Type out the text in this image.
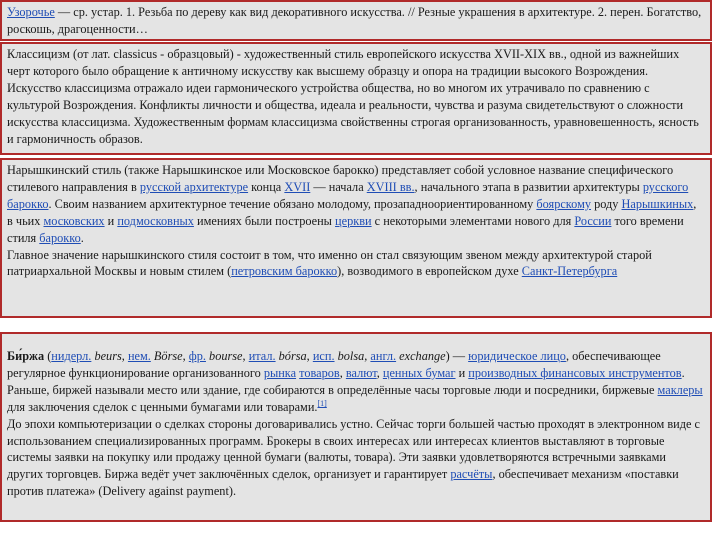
Узорочье — ср. устар. 1. Резьба по дереву как вид декоративного искусства. // Резные украшения в архитектуре. 2. перен. Богатство, роскошь, драгоценности…
Классицизм (от лат. classicus - образцовый) - художественный стиль европейского искусства XVII-XIX вв., одной из важнейших черт которого было обращение к античному искусству как высшему образцу и опора на традиции высокого Возрождения. Искусство классицизма отражало идеи гармонического устройства общества, но во многом их утрачивало по сравнению с культурой Возрождения. Конфликты личности и общества, идеала и реальности, чувства и разума свидетельствуют о сложности искусства классицизма. Художественным формам классицизма свойственны строгая организованность, уравновешенность, ясность и гармоничность образов.
Нарышкинский стиль (также Нарышкинское или Московское барокко) представляет собой условное название специфического стилевого направления в русской архитектуре конца XVII — начала XVIII вв., начального этапа в развитии архитектуры русского барокко. Своим названием архитектурное течение обязано молодому, прозападноориентированному боярскому роду Нарышкиных, в чьих московских и подмосковных имениях были построены церкви с некоторыми элементами нового для России того времени стиля барокко.
Главное значение нарышкинского стиля состоит в том, что именно он стал связующим звеном между архитектурой старой патриархальной Москвы и новым стилем (петровским барокко), возводимого в европейском духе Санкт-Петербурга
Би́ржа (нидерл. beurs, нем. Börse, фр. bourse, итал. bórsa, исп. bolsa, англ. exchange) — юридическое лицо, обеспечивающее регулярное функционирование организованного рынка товаров, валют, ценных бумаг и производных финансовых инструментов. Раньше, биржей называли место или здание, где собираются в определённые часы торговые люди и посредники, биржевые маклеры для заключения сделок с ценными бумагами или товарами.[1]
До эпохи компьютеризации о сделках стороны договаривались устно. Сейчас торги большей частью проходят в электронном виде с использованием специализированных программ. Брокеры в своих интересах или интересах клиентов выставляют в торговые системы заявки на покупку или продажу ценной бумаги (валюты, товара). Эти заявки удовлетворяются встречными заявками других торговцев. Биржа ведёт учет заключённых сделок, организует и гарантирует расчёты, обеспечивает механизм «поставки против платежа» (Delivery against payment).
